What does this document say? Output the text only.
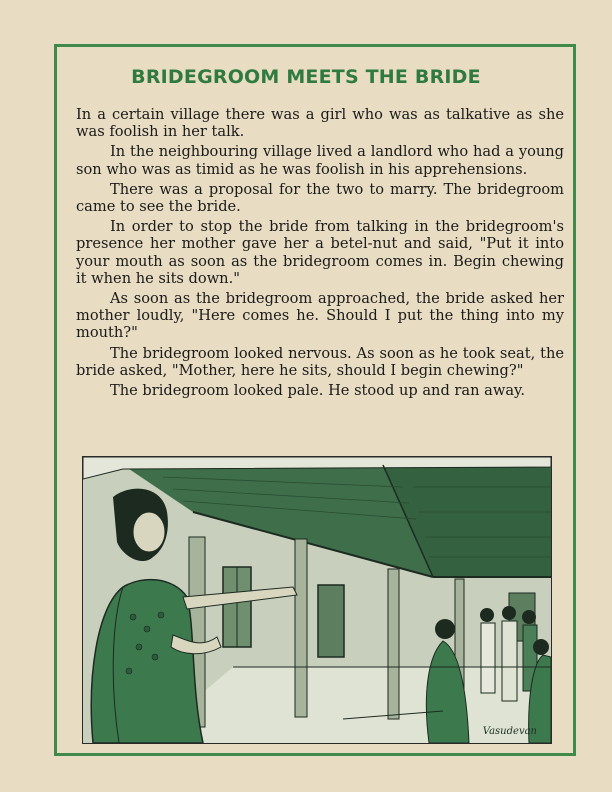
BRIDEGROOM MEETS THE BRIDE

In a certain village there was a girl who was as talkative as she was foolish in her talk.

In the neighbouring village lived a landlord who had a young son who was as timid as he was foolish in his apprehensions.

There was a proposal for the two to marry. The bridegroom came to see the bride.

In order to stop the bride from talking in the bridegroom's presence her mother gave her a betel-nut and said, "Put it into your mouth as soon as the bridegroom comes in. Begin chewing it when he sits down."

As soon as the bridegroom approached, the bride asked her mother loudly, "Here comes he. Should I put the thing into my mouth?"

The bridegroom looked nervous. As soon as he took seat, the bride asked, "Mother, here he sits, should I begin chewing?"

The bridegroom looked pale. He stood up and ran away.

Vasudevan
